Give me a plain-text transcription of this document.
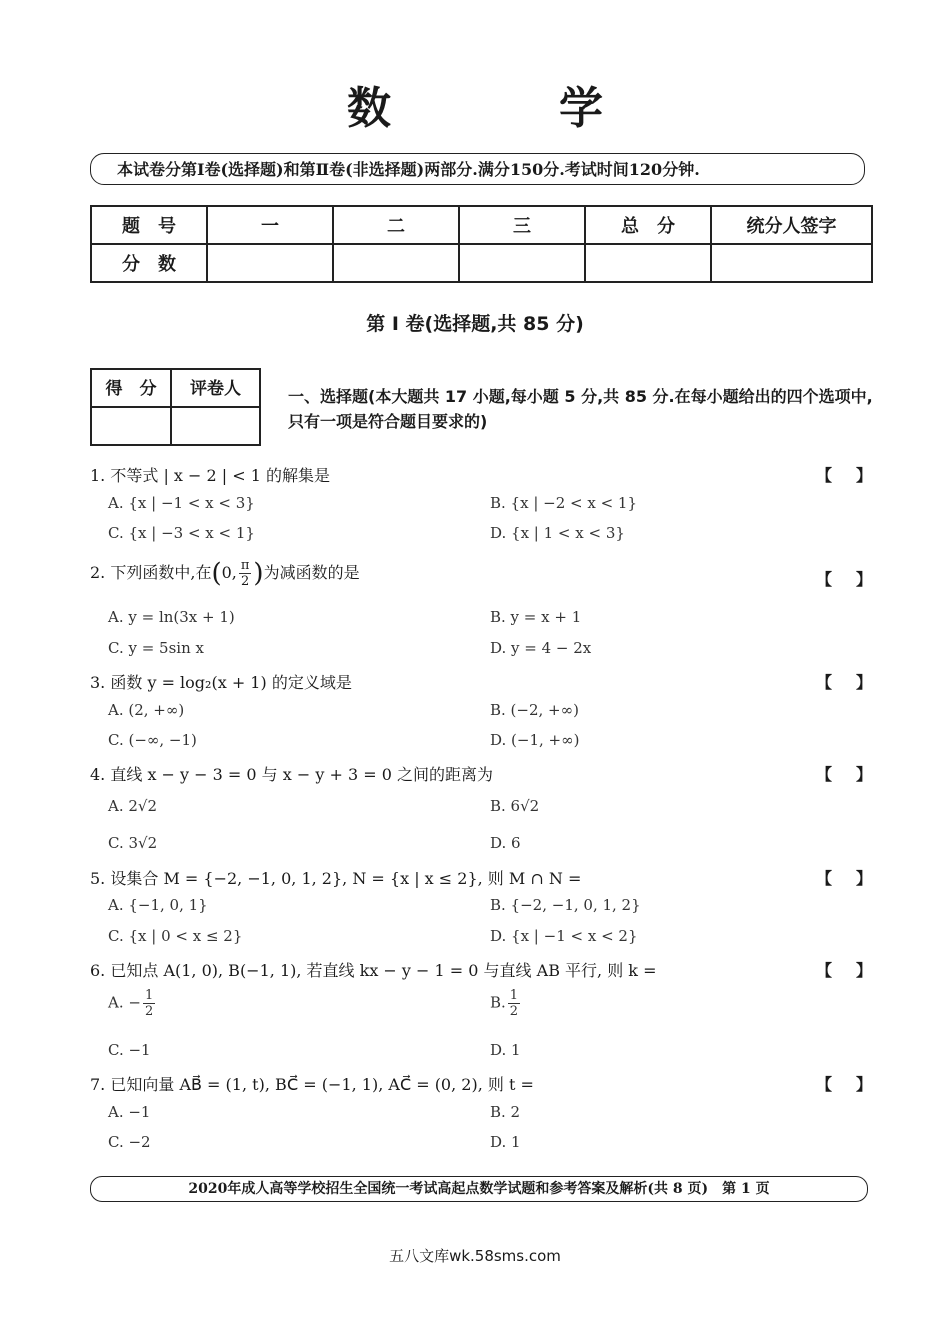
数　学
本试卷分第Ⅰ卷(选择题)和第Ⅱ卷(非选择题)两部分.满分150分.考试时间120分钟.
题　号	一	二	三	总　分	统分人签字
分　数					
第 Ⅰ 卷(选择题,共 85 分)
得　分	评卷人
		一、选择题(本大题共 17 小题,每小题 5 分,共 85 分.在每小题给出的四个选项中,只有一项是符合题目要求的)
1. 不等式 | x − 2 | < 1 的解集是	【 】
A. {x | −1 < x < 3}	B. {x | −2 < x < 1}
C. {x | −3 < x < 1}	D. {x | 1 < x < 3}
2. 下列函数中,在(0, $\frac{\pi}{2}$ )为减函数的是	【 】
A. y = ln(3x + 1)	B. y = x + 1
C. y = 5sin x	D. y = 4 − 2x
3. 函数 y = log₂(x + 1) 的定义域是	【 】
A. (2, +∞)	B. (−2, +∞)
C. (−∞, −1)	D. (−1, +∞)
4. 直线 x − y − 3 = 0 与 x − y + 3 = 0 之间的距离为	【 】
A. 2√2	B. 6√2
C. 3√2	D. 6
5. 设集合 M = {−2, −1, 0, 1, 2}, N = {x | x ≤ 2}, 则 M ∩ N =	【 】
A. {−1, 0, 1}	B. {−2, −1, 0, 1, 2}
C. {x | 0 < x ≤ 2}	D. {x | −1 < x < 2}
6. 已知点 A(1, 0), B(−1, 1), 若直线 kx − y − 1 = 0 与直线 AB 平行, 则 k =	【 】
A. − $\frac{1}{2}$	B. $\frac{1}{2}$
C. −1	D. 1
7. 已知向量 AB⃗ = (1, t), BC⃗ = (−1, 1), AC⃗ = (0, 2), 则 t =	【 】
A. −1	B. 2
C. −2	D. 1
2020年成人高等学校招生全国统一考试高起点数学试题和参考答案及解析(共 8 页)　第 1 页
五八文库wk.58sms.com
